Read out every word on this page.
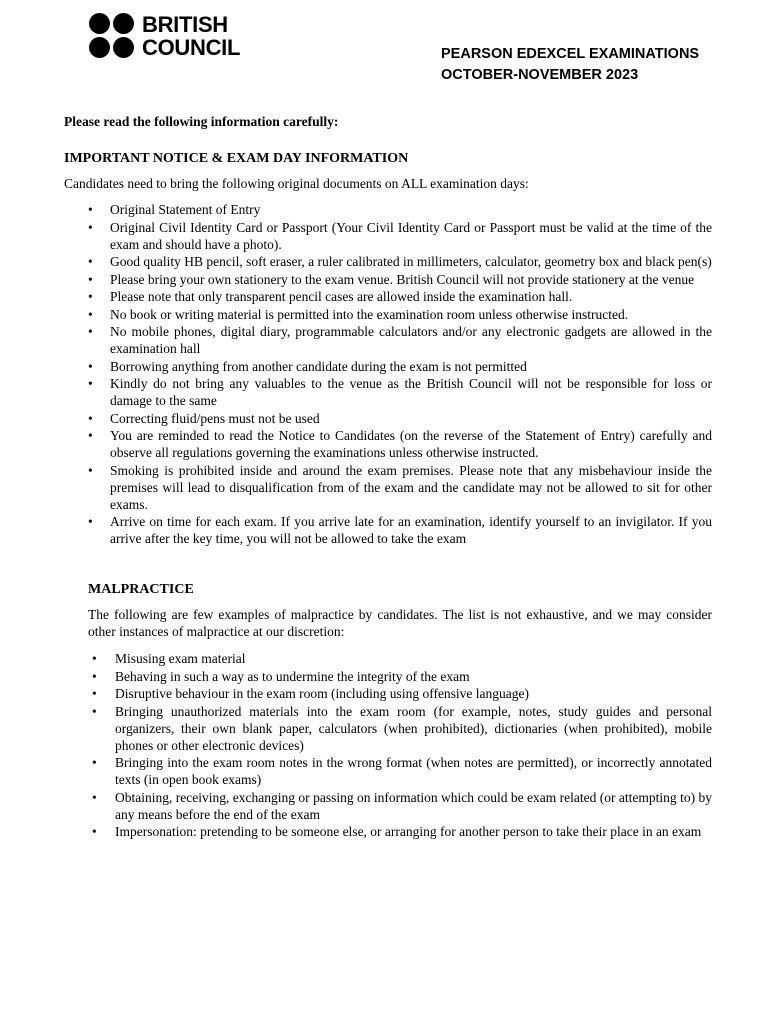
BRITISH
COUNCIL	PEARSON EDEXCEL EXAMINATIONS
OCTOBER-NOVEMBER 2023

Please read the following information carefully:

IMPORTANT NOTICE & EXAM DAY INFORMATION

Candidates need to bring the following original documents on ALL examination days:

• Original Statement of Entry
• Original Civil Identity Card or Passport (Your Civil Identity Card or Passport must be valid at the time of the exam and should have a photo).
• Good quality HB pencil, soft eraser, a ruler calibrated in millimeters, calculator, geometry box and black pen(s)
• Please bring your own stationery to the exam venue. British Council will not provide stationery at the venue
• Please note that only transparent pencil cases are allowed inside the examination hall.
• No book or writing material is permitted into the examination room unless otherwise instructed.
• No mobile phones, digital diary, programmable calculators and/or any electronic gadgets are allowed in the examination hall
• Borrowing anything from another candidate during the exam is not permitted
• Kindly do not bring any valuables to the venue as the British Council will not be responsible for loss or damage to the same
• Correcting fluid/pens must not be used
• You are reminded to read the Notice to Candidates (on the reverse of the Statement of Entry) carefully and observe all regulations governing the examinations unless otherwise instructed.
• Smoking is prohibited inside and around the exam premises. Please note that any misbehaviour inside the premises will lead to disqualification from of the exam and the candidate may not be allowed to sit for other exams.
• Arrive on time for each exam. If you arrive late for an examination, identify yourself to an invigilator. If you arrive after the key time, you will not be allowed to take the exam
MALPRACTICE

The following are few examples of malpractice by candidates. The list is not exhaustive, and we may consider other instances of malpractice at our discretion:

• Misusing exam material
• Behaving in such a way as to undermine the integrity of the exam
• Disruptive behaviour in the exam room (including using offensive language)
• Bringing unauthorized materials into the exam room (for example, notes, study guides and personal organizers, their own blank paper, calculators (when prohibited), dictionaries (when prohibited), mobile phones or other electronic devices)
• Bringing into the exam room notes in the wrong format (when notes are permitted), or incorrectly annotated texts (in open book exams)
• Obtaining, receiving, exchanging or passing on information which could be exam related (or attempting to) by any means before the end of the exam
• Impersonation: pretending to be someone else, or arranging for another person to take their place in an exam
